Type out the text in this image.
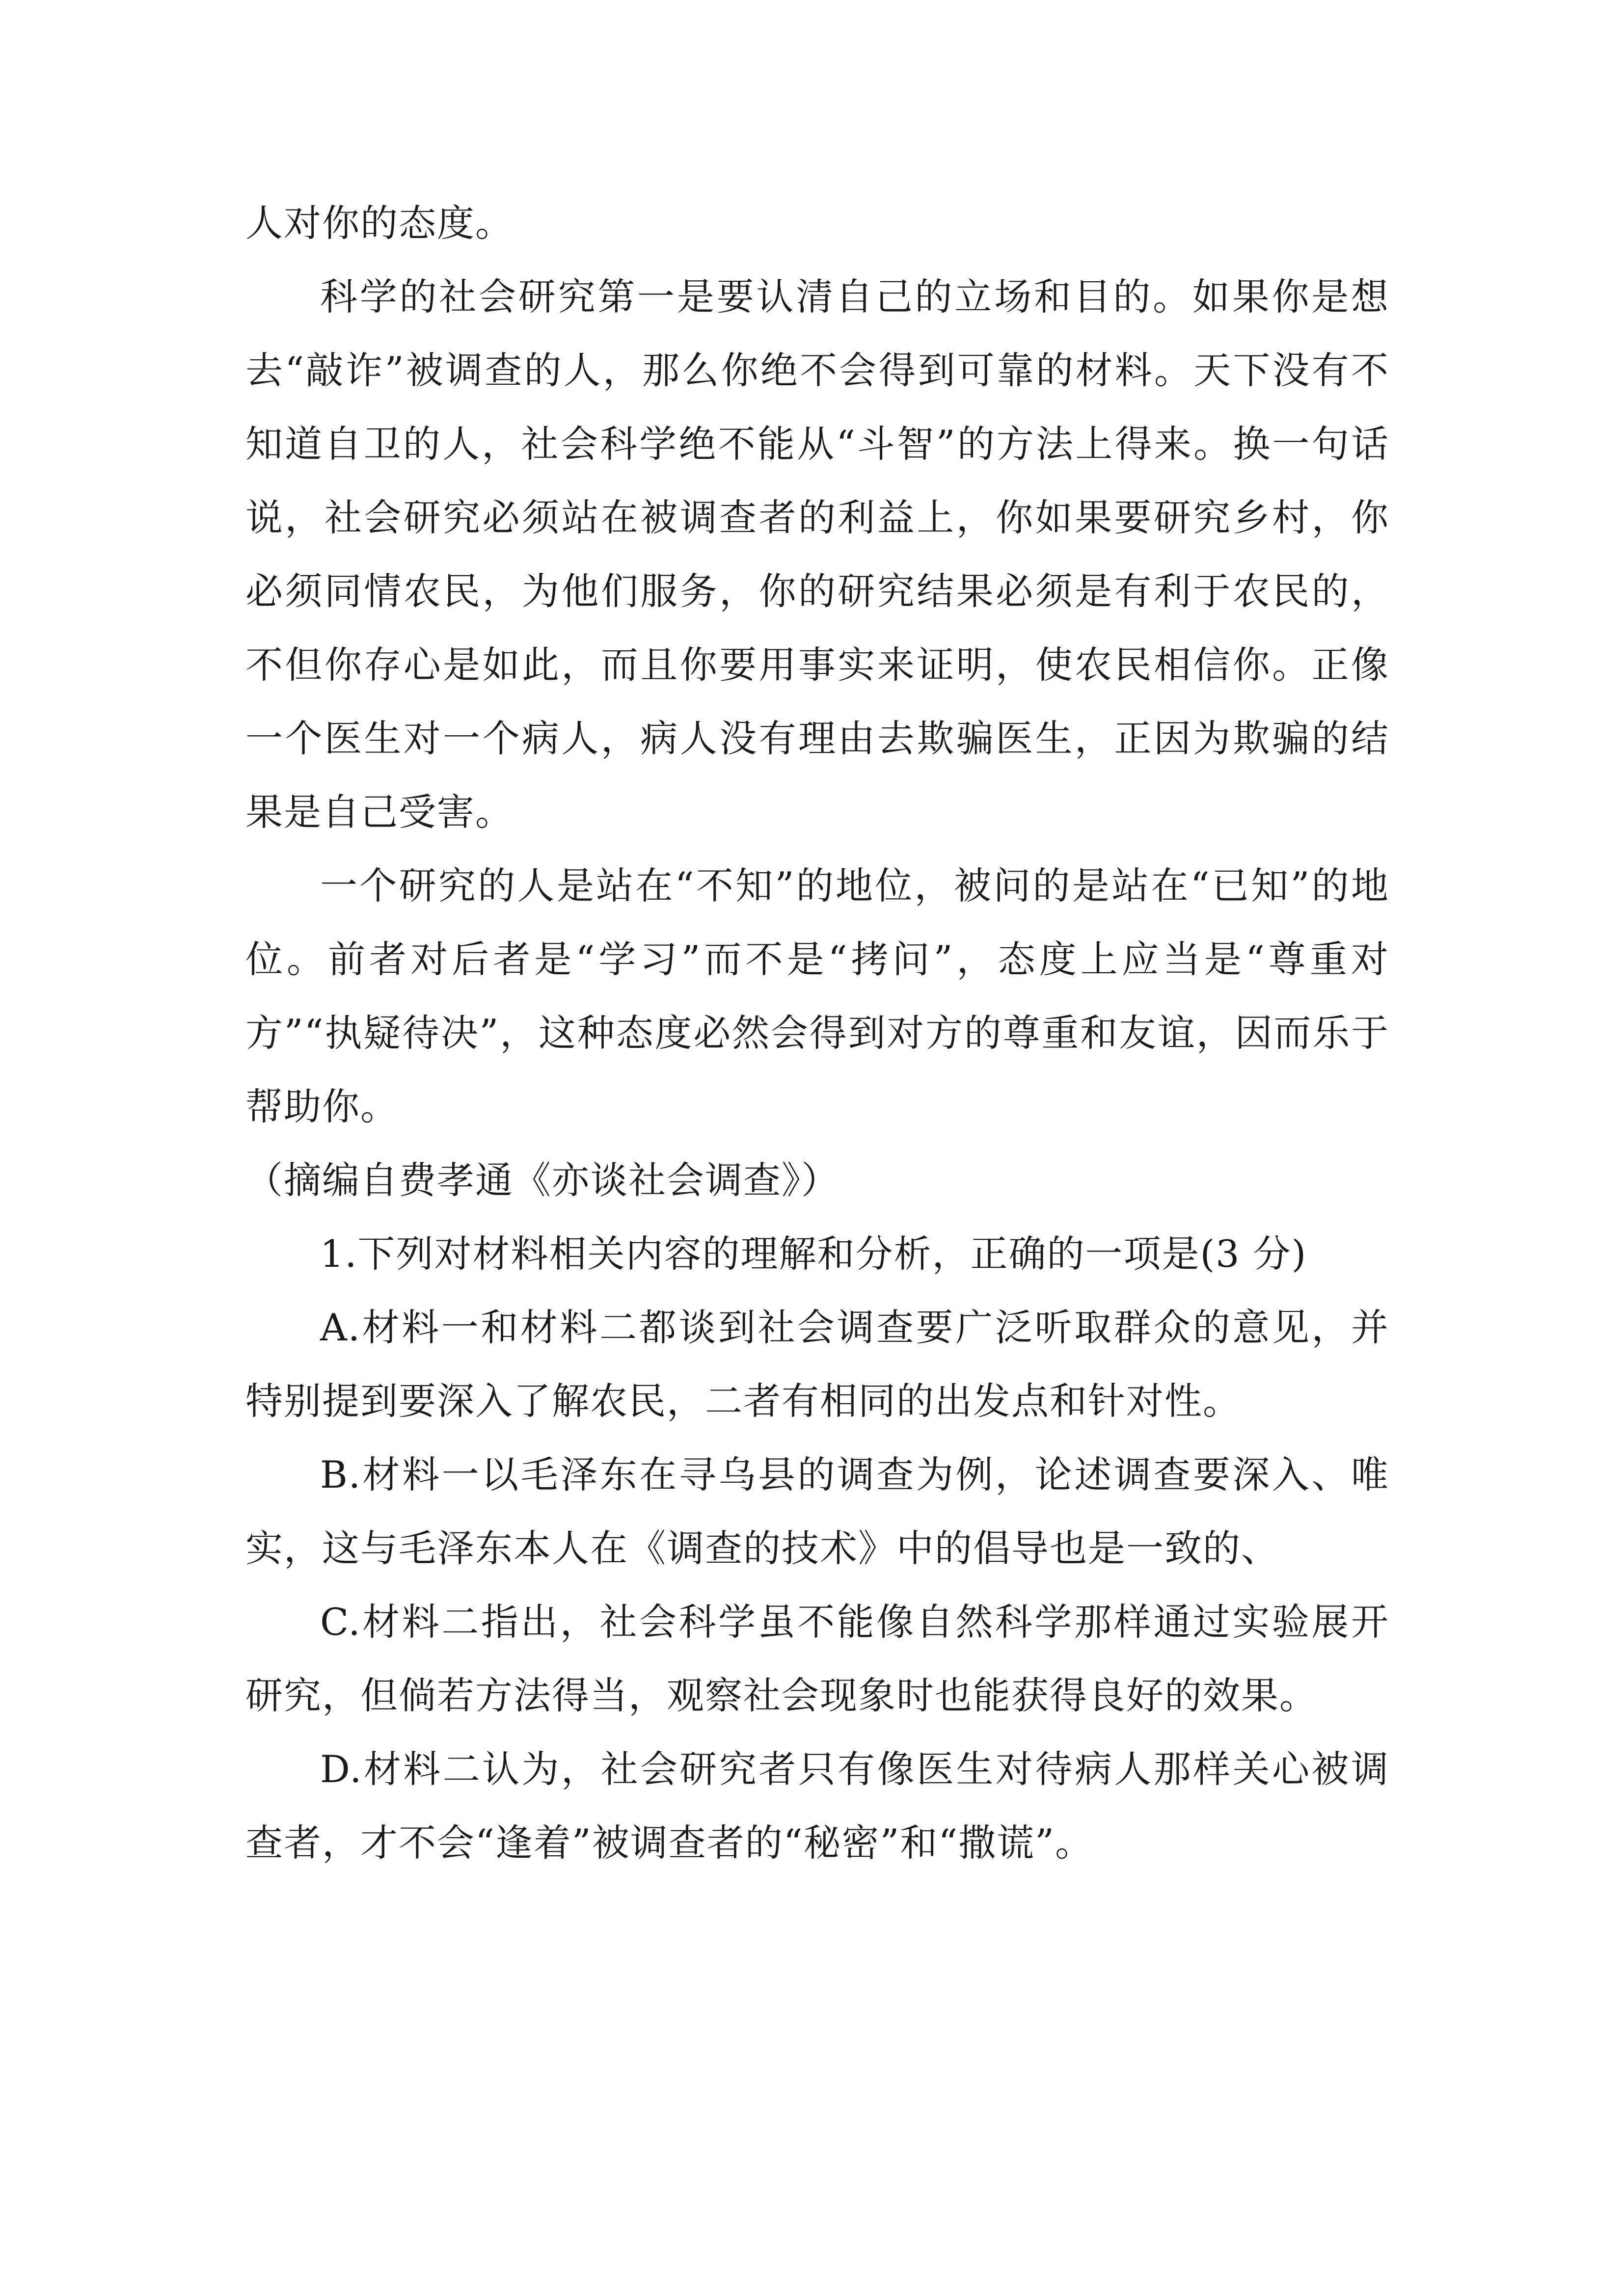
人对你的态度。

科学的社会研究第一是要认清自己的立场和目的。如果你是想去“敲诈”被调查的人，那么你绝不会得到可靠的材料。天下没有不知道自卫的人，社会科学绝不能从“斗智”的方法上得来。换一句话说，社会研究必须站在被调查者的利益上，你如果要研究乡村，你必须同情农民，为他们服务，你的研究结果必须是有利于农民的，不但你存心是如此，而且你要用事实来证明，使农民相信你。正像一个医生对一个病人，病人没有理由去欺骗医生，正因为欺骗的结果是自己受害。

一个研究的人是站在“不知”的地位，被问的是站在“已知”的地位。前者对后者是“学习”而不是“拷问”，态度上应当是“尊重对方”“执疑待决”，这种态度必然会得到对方的尊重和友谊，因而乐于帮助你。

（摘编自费孝通《亦谈社会调查》）

1.下列对材料相关内容的理解和分析，正确的一项是(3 分)

A.材料一和材料二都谈到社会调查要广泛听取群众的意见，并特别提到要深入了解农民，二者有相同的出发点和针对性。

B.材料一以毛泽东在寻乌县的调查为例，论述调查要深入、唯实，这与毛泽东本人在《调查的技术》中的倡导也是一致的、

C.材料二指出，社会科学虽不能像自然科学那样通过实验展开研究，但倘若方法得当，观察社会现象时也能获得良好的效果。

D.材料二认为，社会研究者只有像医生对待病人那样关心被调查者，才不会“逢着”被调查者的“秘密”和“撒谎”。
